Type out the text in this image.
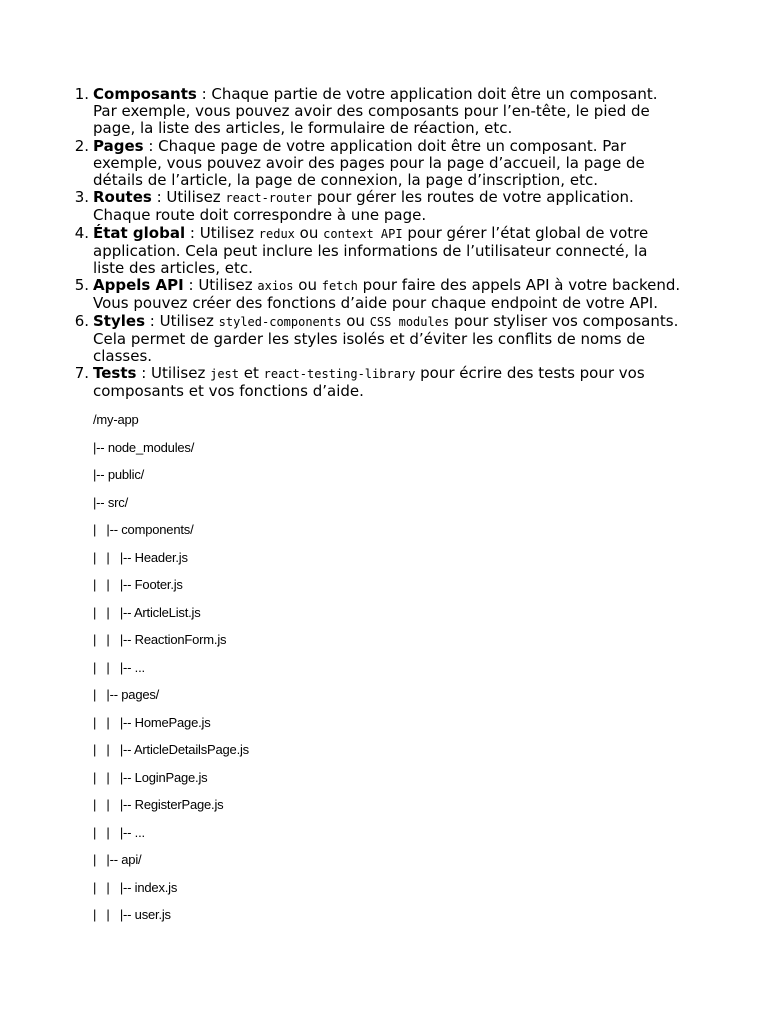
1. Composants : Chaque partie de votre application doit être un composant. Par exemple, vous pouvez avoir des composants pour l’en-tête, le pied de page, la liste des articles, le formulaire de réaction, etc.
2. Pages : Chaque page de votre application doit être un composant. Par exemple, vous pouvez avoir des pages pour la page d’accueil, la page de détails de l’article, la page de connexion, la page d’inscription, etc.
3. Routes : Utilisez react-router pour gérer les routes de votre application. Chaque route doit correspondre à une page.
4. État global : Utilisez redux ou context API pour gérer l’état global de votre application. Cela peut inclure les informations de l’utilisateur connecté, la liste des articles, etc.
5. Appels API : Utilisez axios ou fetch pour faire des appels API à votre backend. Vous pouvez créer des fonctions d’aide pour chaque endpoint de votre API.
6. Styles : Utilisez styled-components ou CSS modules pour styliser vos composants. Cela permet de garder les styles isolés et d’éviter les conflits de noms de classes.
7. Tests : Utilisez jest et react-testing-library pour écrire des tests pour vos composants et vos fonctions d’aide.
/my-app
|-- node_modules/
|-- public/
|-- src/
|   |-- components/
|   |   |-- Header.js
|   |   |-- Footer.js
|   |   |-- ArticleList.js
|   |   |-- ReactionForm.js
|   |   |-- ...
|   |-- pages/
|   |   |-- HomePage.js
|   |   |-- ArticleDetailsPage.js
|   |   |-- LoginPage.js
|   |   |-- RegisterPage.js
|   |   |-- ...
|   |-- api/
|   |   |-- index.js
|   |   |-- user.js
